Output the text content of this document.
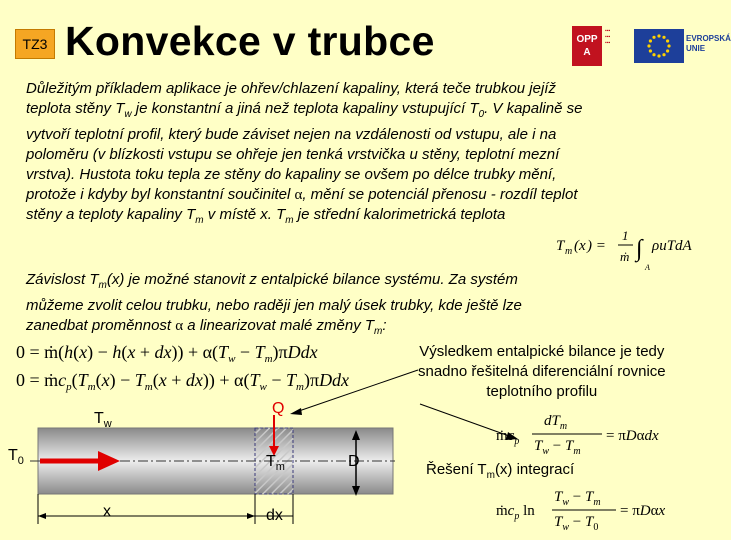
TZ3 Konvekce v trubce	OPP
A
▪▪▪
▪▪▪
▪▪▪	EVROPSKÁ
UNIE
Důležitým příkladem aplikace je ohřev/chlazení kapaliny, která teče trubkou jejíž
teplota stěny $T_w$ je konstantní a jiná než teplota kapaliny vstupující $T_0$. V kapalině se
vytvoří teplotní profil, který bude záviset nejen na vzdálenosti od vstupu, ale i na
poloměru (v blízkosti vstupu se ohřeje jen tenká vrstvička u stěny, teplotní mezní
vrstva). Hustota toku tepla ze stěny do kapaliny se ovšem po délce trubky mění,
protože i kdyby byl konstantní součinitel α, mění se potenciál přenosu - rozdíl teplot
stěny a teploty kapaliny $T_m$ v místě x. $T_m$ je střední kalorimetrická teplota
T m ( x ) =
1
ṁ ∫
A
ρuTdA
Závislost $T_m(x)$ je možné stanovit z entalpické bilance systému. Za systém
můžeme zvolit celou trubku, nebo raději jen malý úsek trubky, kde ještě lze
zanedbat proměnnost α a linearizovat malé změny $T_m$:
Výsledkem entalpické bilance je tedy
snadno řešitelná diferenciální rovnice
teplotního profilu
0 = ṁ(h(x) − $h(x + dx)) + \alpha(T_w - T_m)\pi Ddx$
$0 = ṁc_p(T_m(x) - T_m(x + dx)) + \alpha(T_w - T_m)\pi Ddx$
$T_w$
Q
$T_0$	$T_m$	D
x	dx
ṁc$_p$
$dT_m$
$T_w - T_m$
= πDαdx
Řešení $T_m(x)$ integrací
ṁc$_p$ ln
$T_w - T_m$
$T_w - T_0$
= πDαx
